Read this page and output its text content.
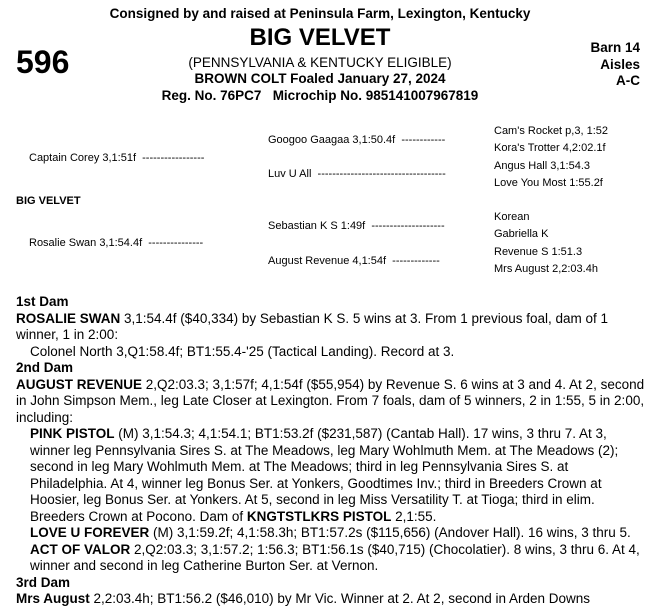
Consigned by and raised at Peninsula Farm, Lexington, Kentucky
596
BIG VELVET
(PENNSYLVANIA & KENTUCKY ELIGIBLE)
BROWN COLT Foaled January 27, 2024
Reg. No. 76PC7   Microchip No. 985141007967819
Barn 14
Aisles
A-C
BIG VELVET
Captain Corey 3,1:51f -----------------
Rosalie Swan 3,1:54.4f ---------------
Googoo Gaagaa 3,1:50.4f ------------
Luv U All -----------------------------------
Sebastian K S 1:49f --------------------
August Revenue 4,1:54f -------------
Cam's Rocket p,3, 1:52
Kora's Trotter 4,2:02.1f
Angus Hall 3,1:54.3
Love You Most 1:55.2f
Korean
Gabriella K
Revenue S 1:51.3
Mrs August 2,2:03.4h

1st Dam

ROSALIE SWAN 3,1:54.4f ($40,334) by Sebastian K S. 5 wins at 3. From 1 previous foal, dam of 1 winner, 1 in 2:00:

Colonel North 3,Q1:58.4f; BT1:55.4-'25 (Tactical Landing). Record at 3.

2nd Dam

AUGUST REVENUE 2,Q2:03.3; 3,1:57f; 4,1:54f ($55,954) by Revenue S. 6 wins at 3 and 4. At 2, second in John Simpson Mem., leg Late Closer at Lexington. From 7 foals, dam of 5 winners, 2 in 1:55, 5 in 2:00, including:

PINK PISTOL (M) 3,1:54.3; 4,1:54.1; BT1:53.2f ($231,587) (Cantab Hall). 17 wins, 3 thru 7. At 3, winner leg Pennsylvania Sires S. at The Meadows, leg Mary Wohlmuth Mem. at The Meadows (2); second in leg Mary Wohlmuth Mem. at The Meadows; third in leg Pennsylvania Sires S. at Philadelphia. At 4, winner leg Bonus Ser. at Yonkers, Goodtimes Inv.; third in Breeders Crown at Hoosier, leg Bonus Ser. at Yonkers. At 5, second in leg Miss Versatility T. at Tioga; third in elim. Breeders Crown at Pocono. Dam of KNGTSTLKRS PISTOL 2,1:55.

LOVE U FOREVER (M) 3,1:59.2f; 4,1:58.3h; BT1:57.2s ($115,656) (Andover Hall). 16 wins, 3 thru 5.

ACT OF VALOR 2,Q2:03.3; 3,1:57.2; 1:56.3; BT1:56.1s ($40,715) (Chocolatier). 8 wins, 3 thru 6. At 4, winner and second in leg Catherine Burton Ser. at Vernon.

3rd Dam

Mrs August 2,2:03.4h; BT1:56.2 ($46,010) by Mr Vic. Winner at 2. At 2, second in Arden Downs
